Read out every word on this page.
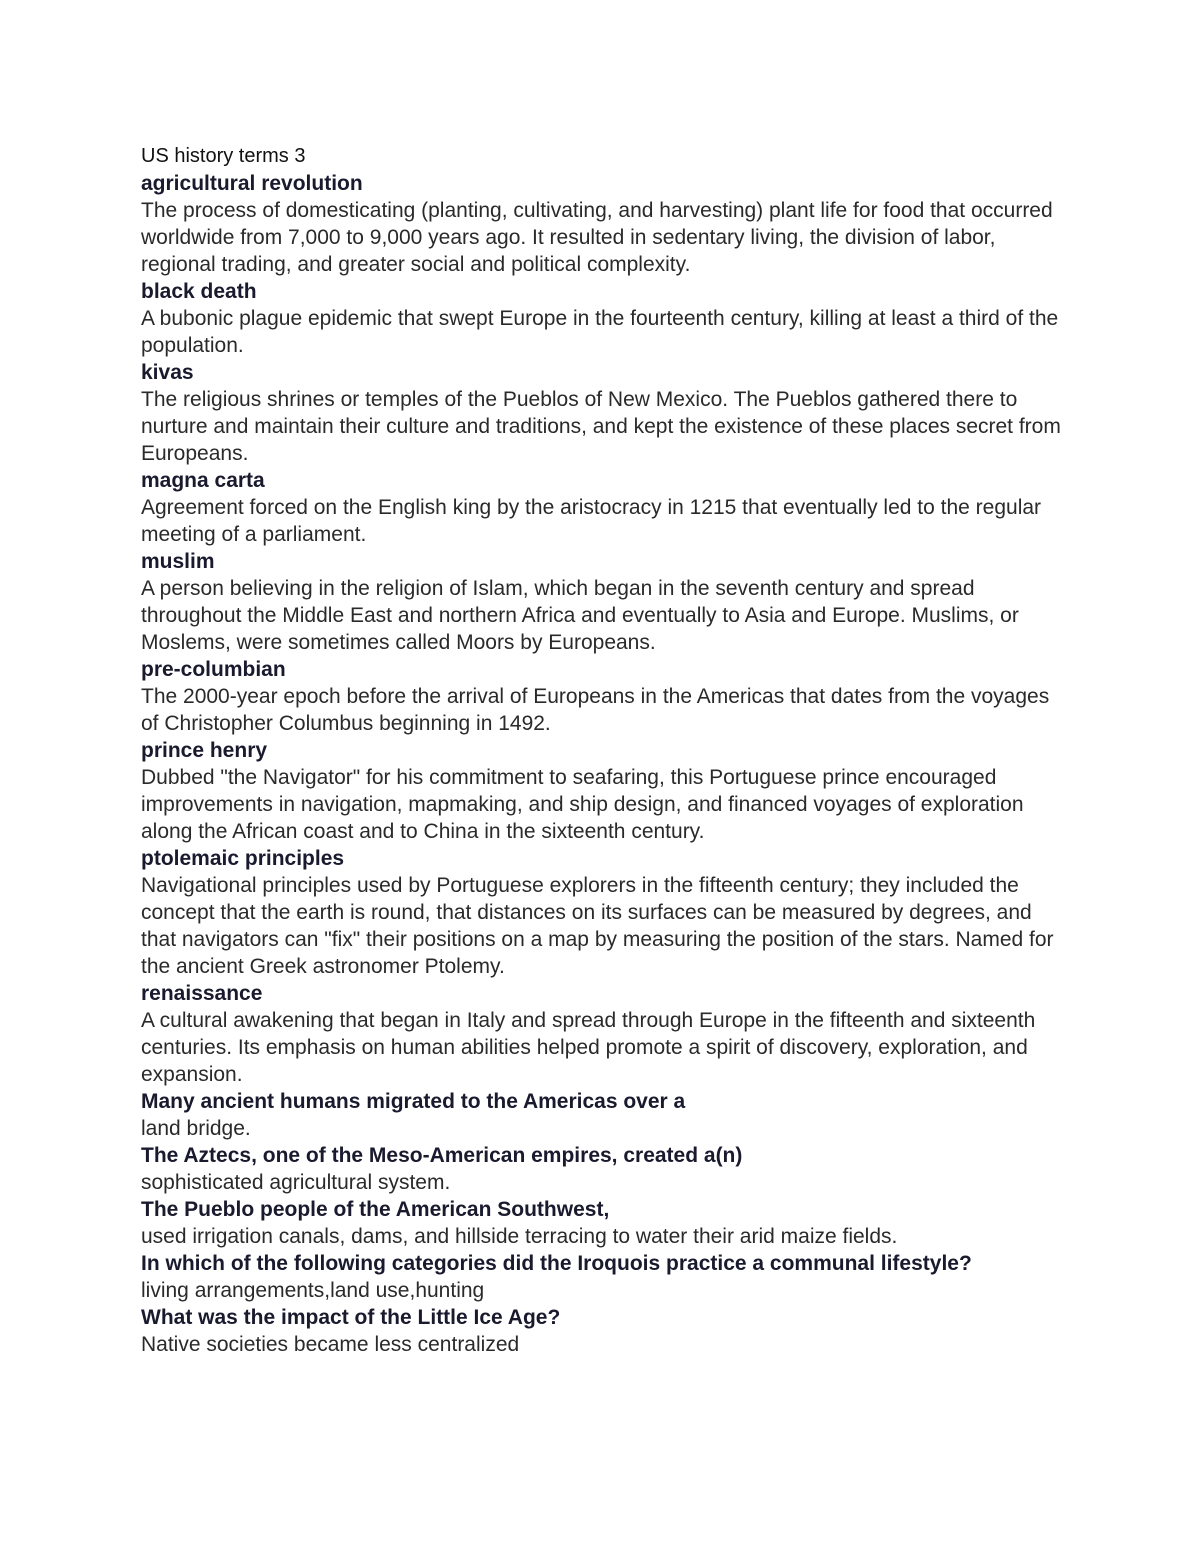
US history terms 3

agricultural revolution

The process of domesticating (planting, cultivating, and harvesting) plant life for food that occurred worldwide from 7,000 to 9,000 years ago. It resulted in sedentary living, the division of labor, regional trading, and greater social and political complexity.

black death

A bubonic plague epidemic that swept Europe in the fourteenth century, killing at least a third of the population.

kivas

The religious shrines or temples of the Pueblos of New Mexico. The Pueblos gathered there to nurture and maintain their culture and traditions, and kept the existence of these places secret from Europeans.

magna carta

Agreement forced on the English king by the aristocracy in 1215 that eventually led to the regular meeting of a parliament.

muslim

A person believing in the religion of Islam, which began in the seventh century and spread throughout the Middle East and northern Africa and eventually to Asia and Europe. Muslims, or Moslems, were sometimes called Moors by Europeans.

pre-columbian

The 2000-year epoch before the arrival of Europeans in the Americas that dates from the voyages of Christopher Columbus beginning in 1492.

prince henry

Dubbed "the Navigator" for his commitment to seafaring, this Portuguese prince encouraged improvements in navigation, mapmaking, and ship design, and financed voyages of exploration along the African coast and to China in the sixteenth century.

ptolemaic principles

Navigational principles used by Portuguese explorers in the fifteenth century; they included the concept that the earth is round, that distances on its surfaces can be measured by degrees, and that navigators can "fix" their positions on a map by measuring the position of the stars. Named for the ancient Greek astronomer Ptolemy.

renaissance

A cultural awakening that began in Italy and spread through Europe in the fifteenth and sixteenth centuries. Its emphasis on human abilities helped promote a spirit of discovery, exploration, and expansion.

Many ancient humans migrated to the Americas over a

land bridge.

The Aztecs, one of the Meso-American empires, created a(n)

sophisticated agricultural system.

The Pueblo people of the American Southwest,

used irrigation canals, dams, and hillside terracing to water their arid maize fields.

In which of the following categories did the Iroquois practice a communal lifestyle?

living arrangements,land use,hunting

What was the impact of the Little Ice Age?

Native societies became less centralized
